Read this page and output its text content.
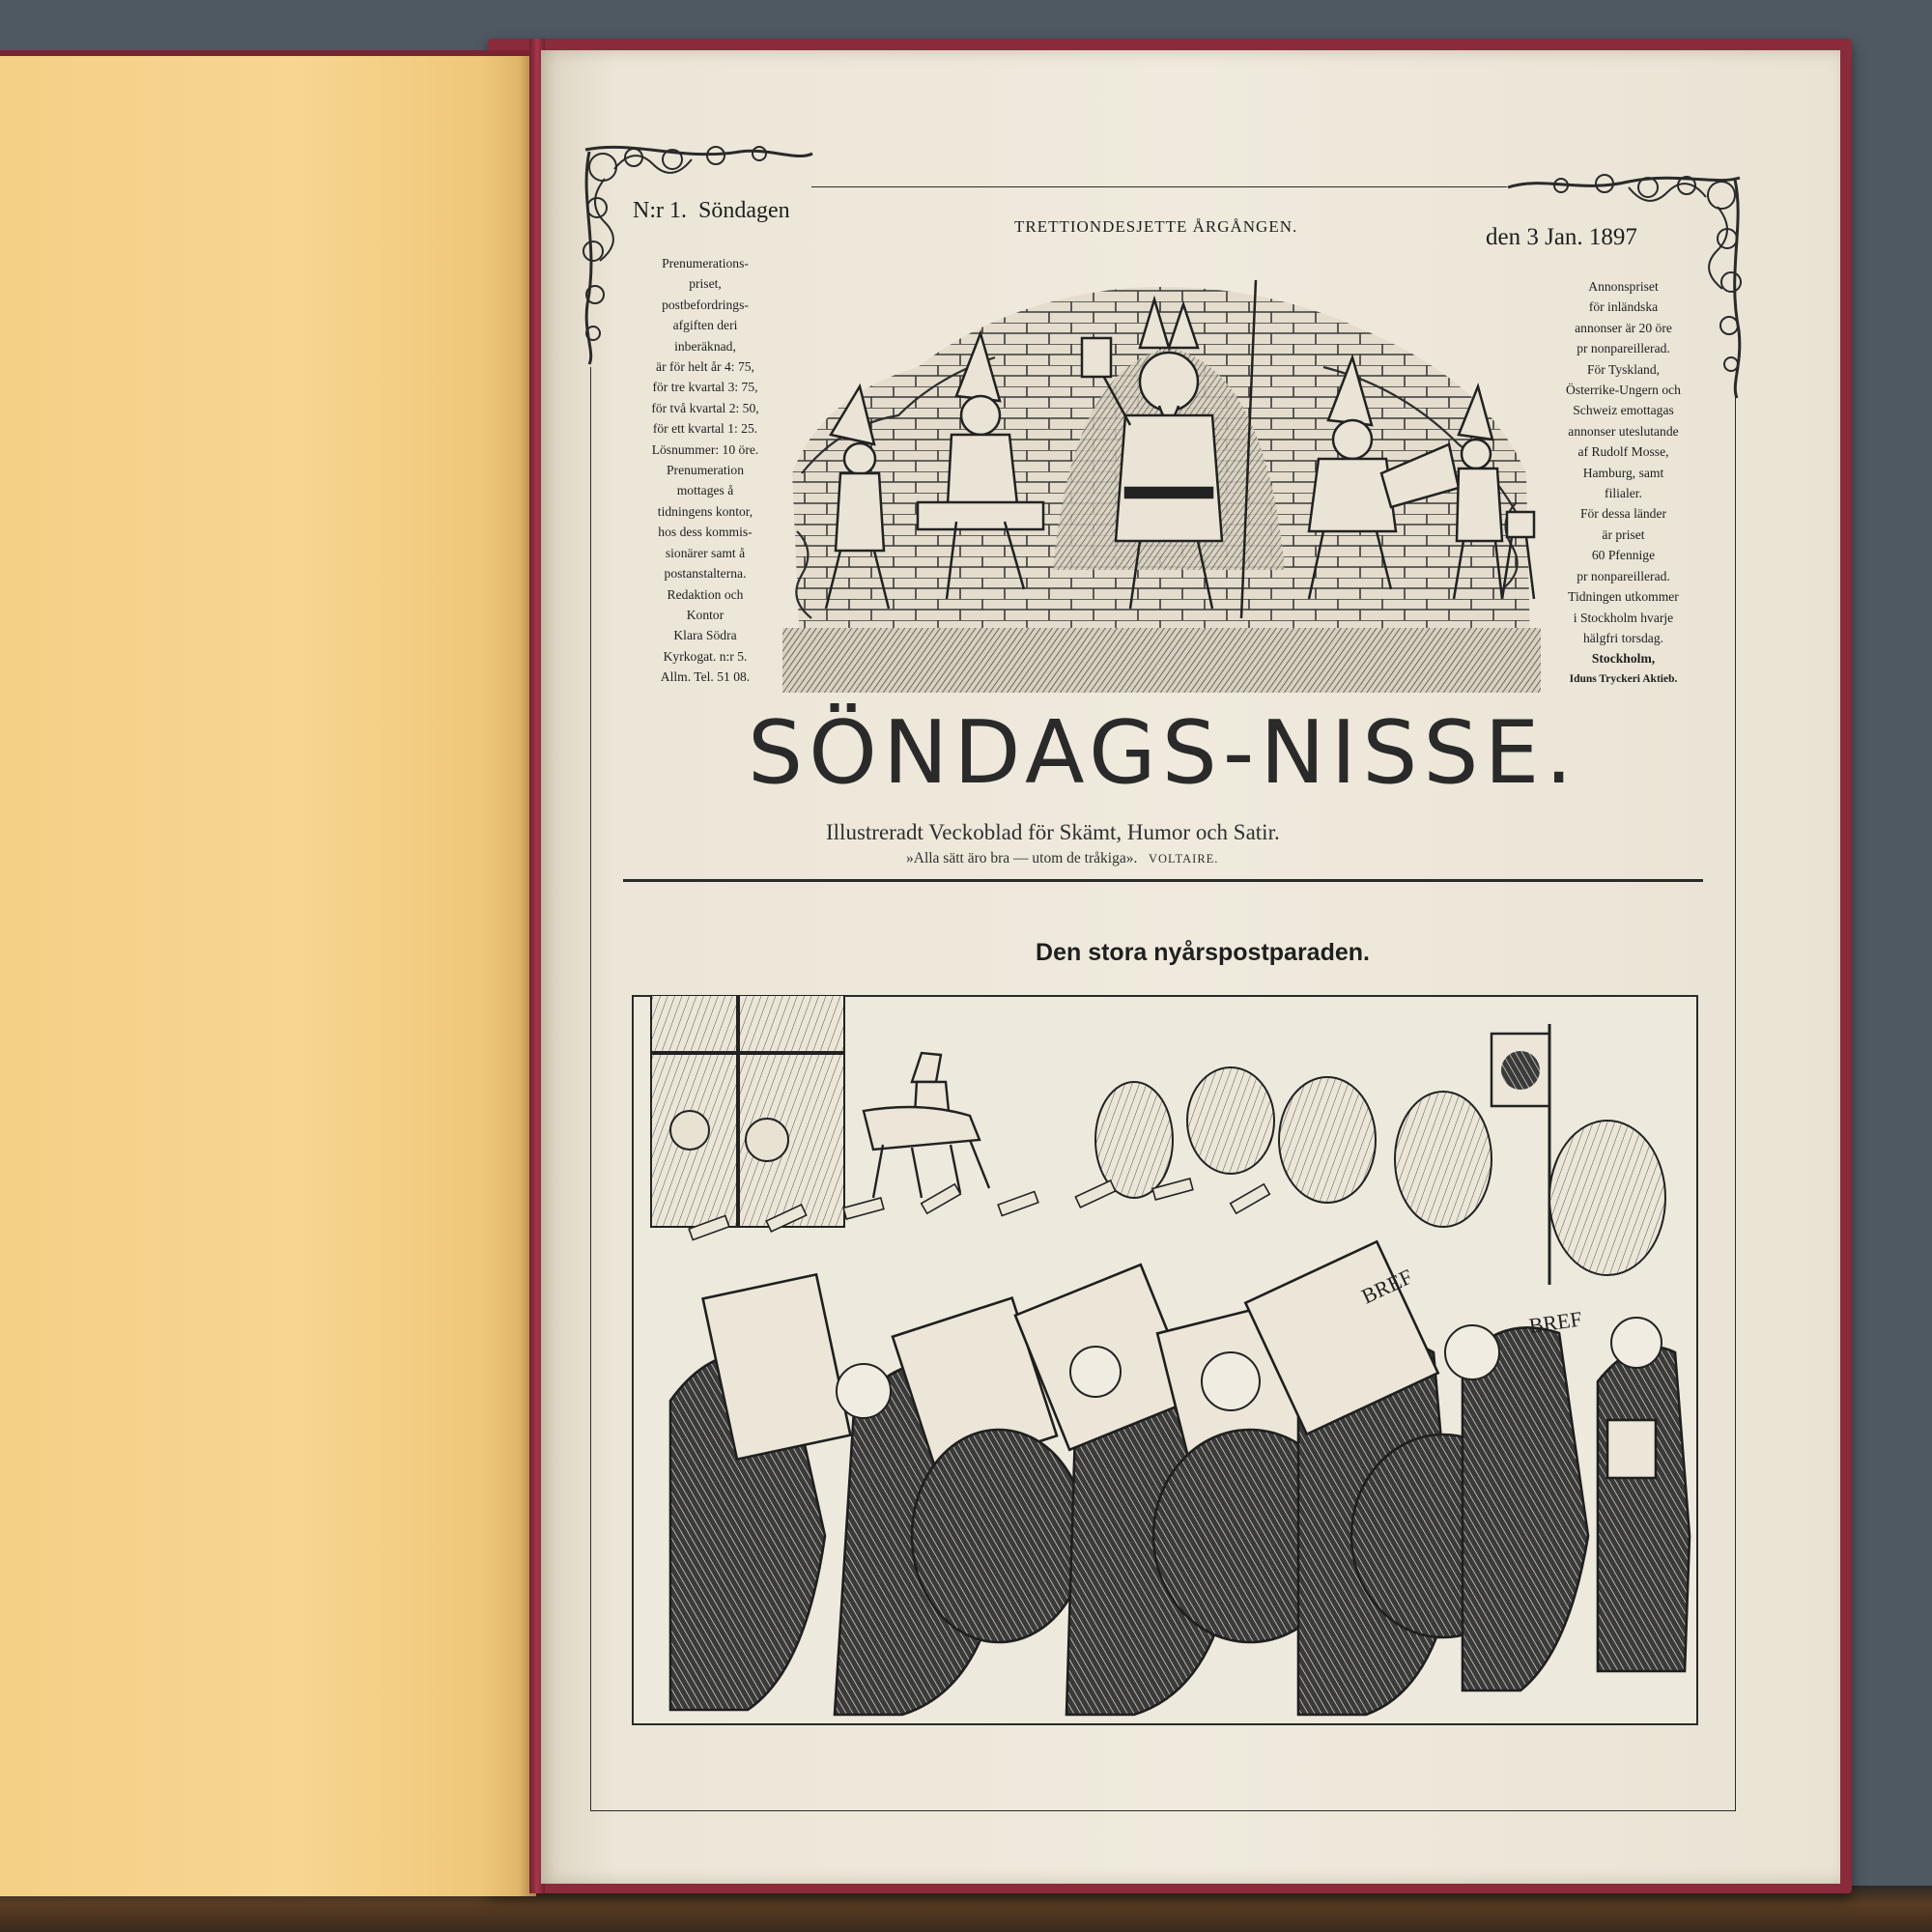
N:r 1. Söndagen
TRETTIONDESJETTE ÅRGÅNGEN.	den 3 Jan. 1897
Prenumerations-
priset,
postbefordrings-
afgiften deri
inberäknad,
är för helt år 4: 75,
för tre kvartal 3: 75,
för två kvartal 2: 50,
för ett kvartal 1: 25.
Lösnummer: 10 öre.
Prenumeration
mottages å
tidningens kontor,
hos dess kommis-
sionärer samt å
postanstalterna.
Redaktion och
Kontor
Klara Södra
Kyrkogat. n:r 5.
Allm. Tel. 51 08.
Annonspriset
för inländska
annonser är 20 öre
pr nonpareillerad.
För Tyskland,
Österrike-Ungern och
Schweiz emottagas
annonser uteslutande
af Rudolf Mosse,
Hamburg, samt
filialer.
För dessa länder
är priset
60 Pfennige
pr nonpareillerad.
Tidningen utkommer
i Stockholm hvarje
hälgfri torsdag.
Stockholm,
Iduns Tryckeri Aktieb.
SÖNDAGS-NISSE.
Illustreradt Veckoblad för Skämt, Humor och Satir.
»Alla sätt äro bra — utom de tråkiga». VOLTAIRE.
Den stora nyårspostparaden.
BREF
BREF
